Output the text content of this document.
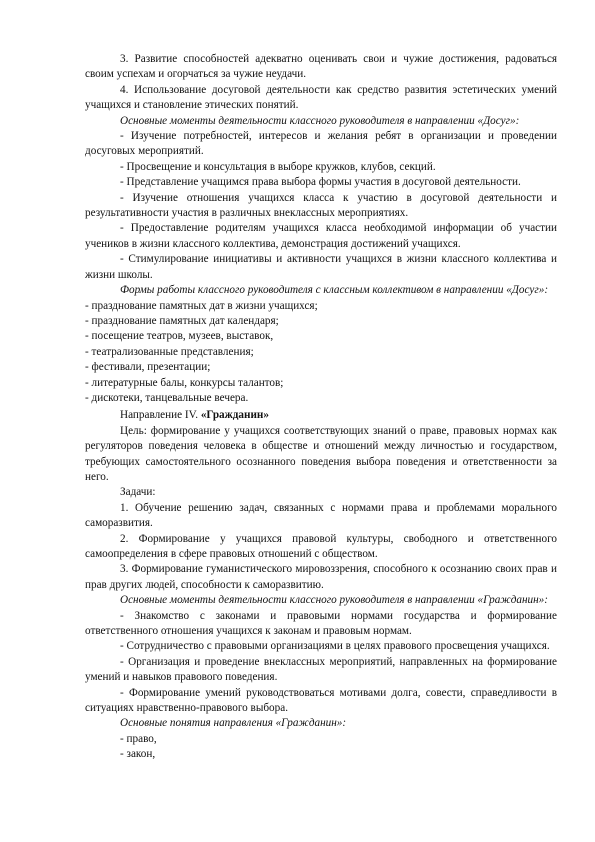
3. Развитие способностей адекватно оценивать свои и чужие достижения, радоваться своим успехам и огорчаться за чужие неудачи.

4. Использование досуговой деятельности как средство развития эстетических умений учащихся и становление этических понятий.

Основные моменты деятельности классного руководителя в направлении «Досуг»:

- Изучение потребностей, интересов и желания ребят в организации и проведении досуговых мероприятий.

- Просвещение и консультация в выборе кружков, клубов, секций.

- Представление учащимся права выбора формы участия в досуговой деятельности.

- Изучение отношения учащихся класса к участию в досуговой деятельности и результативности участия в различных внеклассных мероприятиях.

- Предоставление родителям учащихся класса необходимой информации об участии учеников в жизни классного коллектива, демонстрация достижений учащихся.

- Стимулирование инициативы и активности учащихся в жизни классного коллектива и жизни школы.

Формы работы классного руководителя с классным коллективом в направлении «Досуг»:

- празднование памятных дат в жизни учащихся;

- празднование памятных дат календаря;

- посещение театров, музеев, выставок,

- театрализованные представления;

- фестивали, презентации;

- литературные балы, конкурсы талантов;

- дискотеки, танцевальные вечера.

Направление IV. «Гражданин»

Цель: формирование у учащихся соответствующих знаний о праве, правовых нормах как регуляторов поведения человека в обществе и отношений между личностью и государством, требующих самостоятельного осознанного поведения выбора поведения и ответственности за него.

Задачи:

1. Обучение решению задач, связанных с нормами права и проблемами морального саморазвития.

2. Формирование у учащихся правовой культуры, свободного и ответственного самоопределения в сфере правовых отношений с обществом.

3. Формирование гуманистического мировоззрения, способного к осознанию своих прав и прав других людей, способности к саморазвитию.

Основные моменты деятельности классного руководителя в направлении «Гражданин»:

- Знакомство с законами и правовыми нормами государства и формирование ответственного отношения учащихся к законам и правовым нормам.

- Сотрудничество с правовыми организациями в целях правового просвещения учащихся.

- Организация и проведение внеклассных мероприятий, направленных на формирование умений и навыков правового поведения.

- Формирование умений руководствоваться мотивами долга, совести, справедливости в ситуациях нравственно-правового выбора.

Основные понятия направления «Гражданин»:

- право,

- закон,
